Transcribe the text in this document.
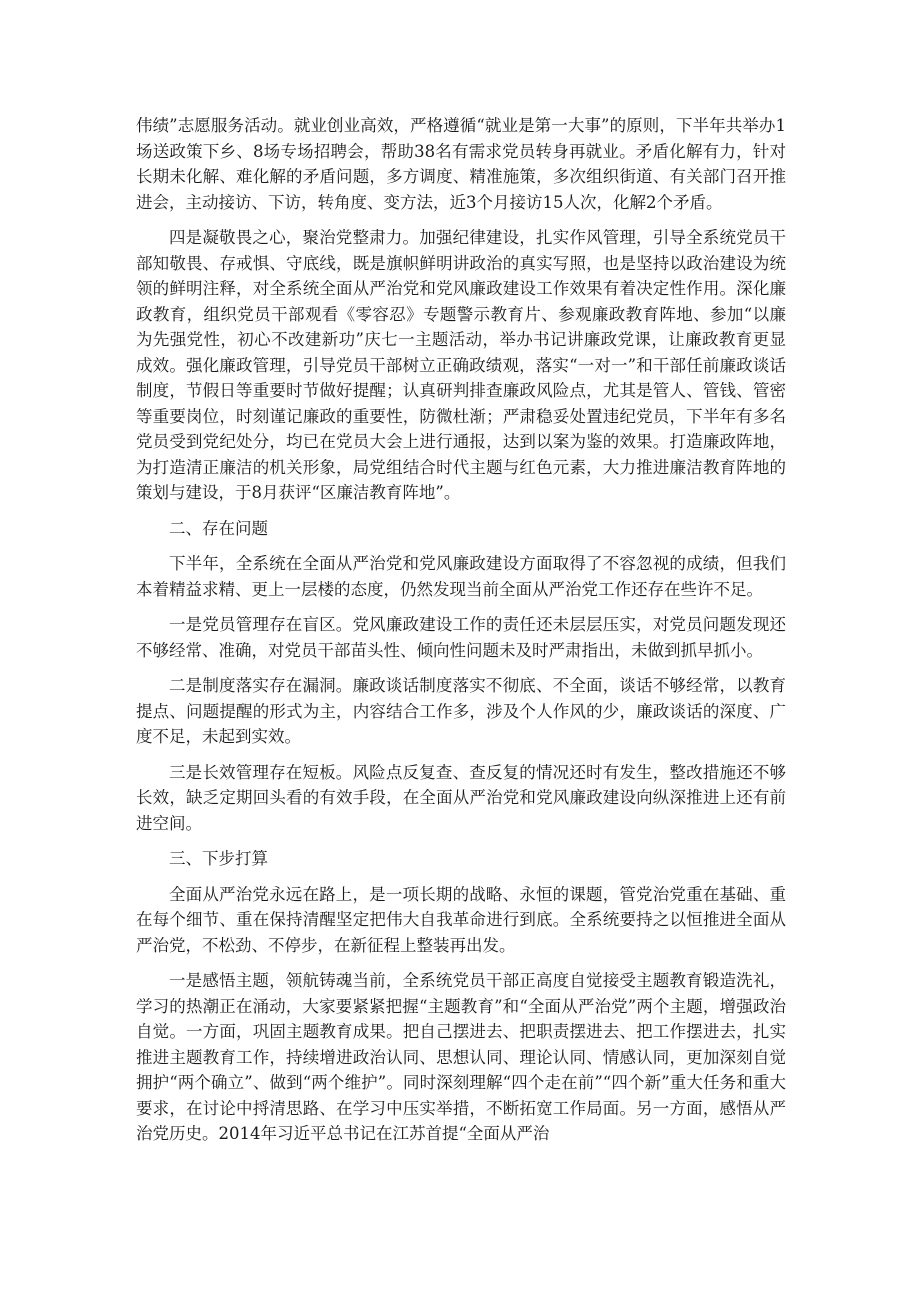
伟绩”志愿服务活动。就业创业高效，严格遵循“就业是第一大事”的原则，下半年共举办1场送政策下乡、8场专场招聘会，帮助38名有需求党员转身再就业。矛盾化解有力，针对长期未化解、难化解的矛盾问题，多方调度、精准施策，多次组织街道、有关部门召开推进会，主动接访、下访，转角度、变方法，近3个月接访15人次，化解2个矛盾。

四是凝敬畏之心，聚治党整肃力。加强纪律建设，扎实作风管理，引导全系统党员干部知敬畏、存戒惧、守底线，既是旗帜鲜明讲政治的真实写照，也是坚持以政治建设为统领的鲜明注释，对全系统全面从严治党和党风廉政建设工作效果有着决定性作用。深化廉政教育，组织党员干部观看《零容忍》专题警示教育片、参观廉政教育阵地、参加“以廉为先强党性，初心不改建新功”庆七一主题活动，举办书记讲廉政党课，让廉政教育更显成效。强化廉政管理，引导党员干部树立正确政绩观，落实“一对一”和干部任前廉政谈话制度，节假日等重要时节做好提醒；认真研判排查廉政风险点，尤其是管人、管钱、管密等重要岗位，时刻谨记廉政的重要性，防微杜渐；严肃稳妥处置违纪党员，下半年有多名党员受到党纪处分，均已在党员大会上进行通报，达到以案为鉴的效果。打造廉政阵地，为打造清正廉洁的机关形象，局党组结合时代主题与红色元素，大力推进廉洁教育阵地的策划与建设，于8月获评“区廉洁教育阵地”。

二、存在问题

下半年，全系统在全面从严治党和党风廉政建设方面取得了不容忽视的成绩，但我们本着精益求精、更上一层楼的态度，仍然发现当前全面从严治党工作还存在些许不足。

一是党员管理存在盲区。党风廉政建设工作的责任还未层层压实，对党员问题发现还不够经常、准确，对党员干部苗头性、倾向性问题未及时严肃指出，未做到抓早抓小。

二是制度落实存在漏洞。廉政谈话制度落实不彻底、不全面，谈话不够经常，以教育提点、问题提醒的形式为主，内容结合工作多，涉及个人作风的少，廉政谈话的深度、广度不足，未起到实效。

三是长效管理存在短板。风险点反复查、查反复的情况还时有发生，整改措施还不够长效，缺乏定期回头看的有效手段，在全面从严治党和党风廉政建设向纵深推进上还有前进空间。

三、下步打算

全面从严治党永远在路上，是一项长期的战略、永恒的课题，管党治党重在基础、重在每个细节、重在保持清醒坚定把伟大自我革命进行到底。全系统要持之以恒推进全面从严治党，不松劲、不停步，在新征程上整装再出发。

一是感悟主题，领航铸魂当前，全系统党员干部正高度自觉接受主题教育锻造洗礼，学习的热潮正在涌动，大家要紧紧把握“主题教育”和“全面从严治党”两个主题，增强政治自觉。一方面，巩固主题教育成果。把自己摆进去、把职责摆进去、把工作摆进去，扎实推进主题教育工作，持续增进政治认同、思想认同、理论认同、情感认同，更加深刻自觉拥护“两个确立”、做到“两个维护”。同时深刻理解“四个走在前”“四个新”重大任务和重大要求，在讨论中捋清思路、在学习中压实举措，不断拓宽工作局面。另一方面，感悟从严治党历史。2014年习近平总书记在江苏首提“全面从严治
